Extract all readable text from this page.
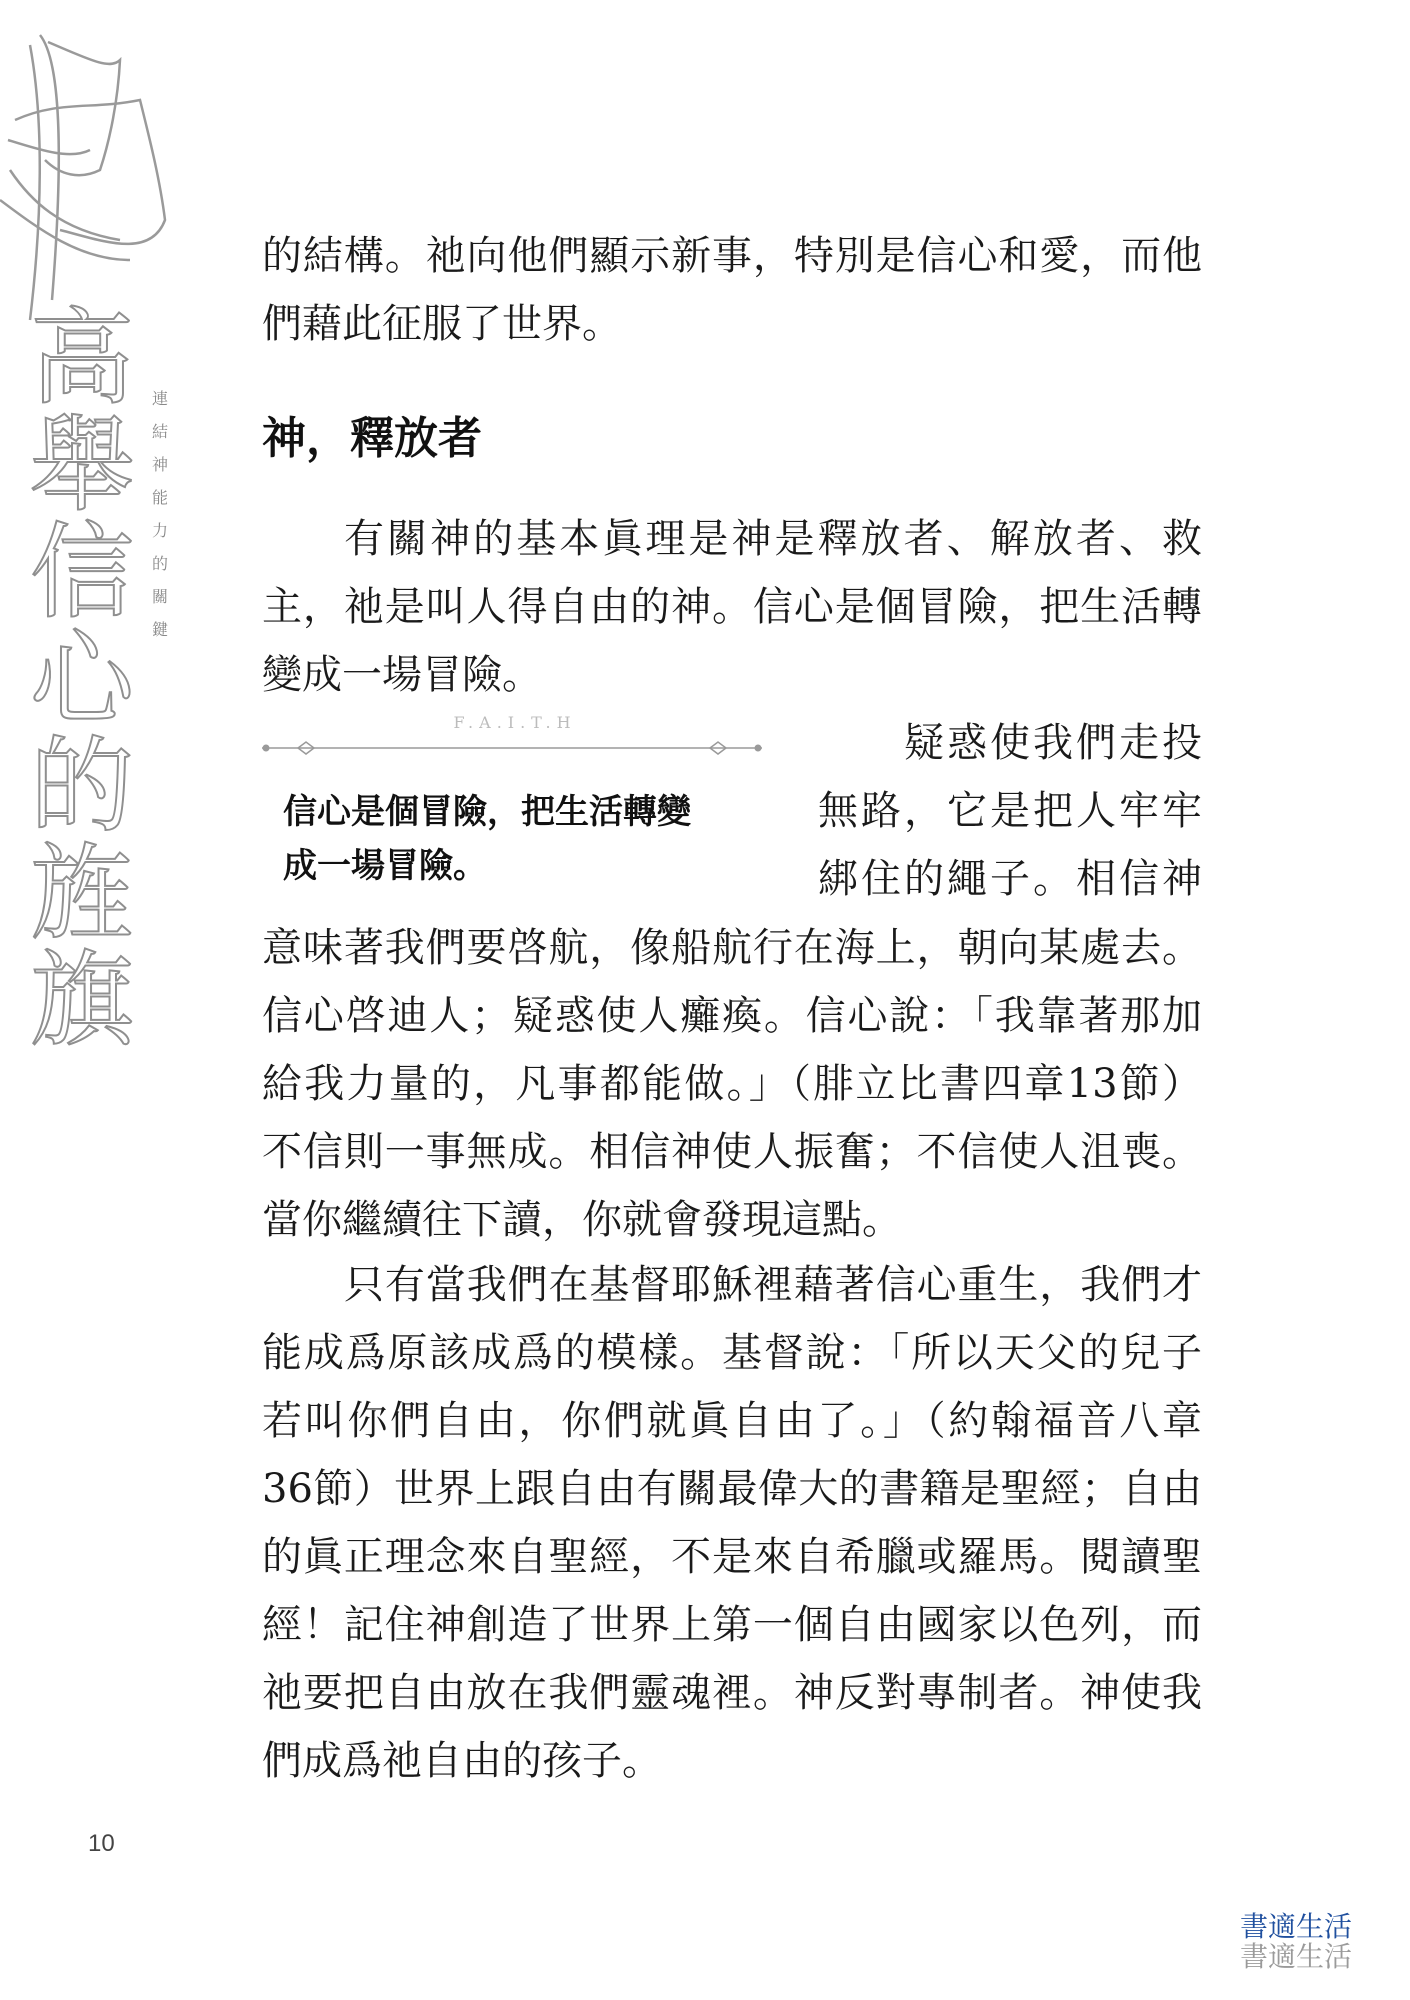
高
舉
信
心
的
旌
旗
連
結
神
能
力
的
關
鍵
的結構。祂向他們顯示新事，特別是信心和愛，而他
們藉此征服了世界。
神，釋放者
有關神的基本眞理是神是釋放者、解放者、救
主，祂是叫人得自由的神。信心是個冒險，把生活轉
變成一場冒險。
F.A.I.T.H
信心是個冒險，把生活轉變
成一場冒險。
疑惑使我們走投
無路，它是把人牢牢
綁住的繩子。相信神
意味著我們要啓航，像船航行在海上，朝向某處去。
信心啓迪人；疑惑使人癱瘓。信心說：「我靠著那加
給我力量的，凡事都能做。」（腓立比書四章13節）
不信則一事無成。相信神使人振奮；不信使人沮喪。
當你繼續往下讀，你就會發現這點。
只有當我們在基督耶穌裡藉著信心重生，我們才
能成爲原該成爲的模樣。基督說：「所以天父的兒子
若叫你們自由，你們就眞自由了。」（約翰福音八章
36節）世界上跟自由有關最偉大的書籍是聖經；自由
的眞正理念來自聖經，不是來自希臘或羅馬。閱讀聖
經！記住神創造了世界上第一個自由國家以色列，而
祂要把自由放在我們靈魂裡。神反對專制者。神使我
們成爲祂自由的孩子。
10
書適生活
書適生活
